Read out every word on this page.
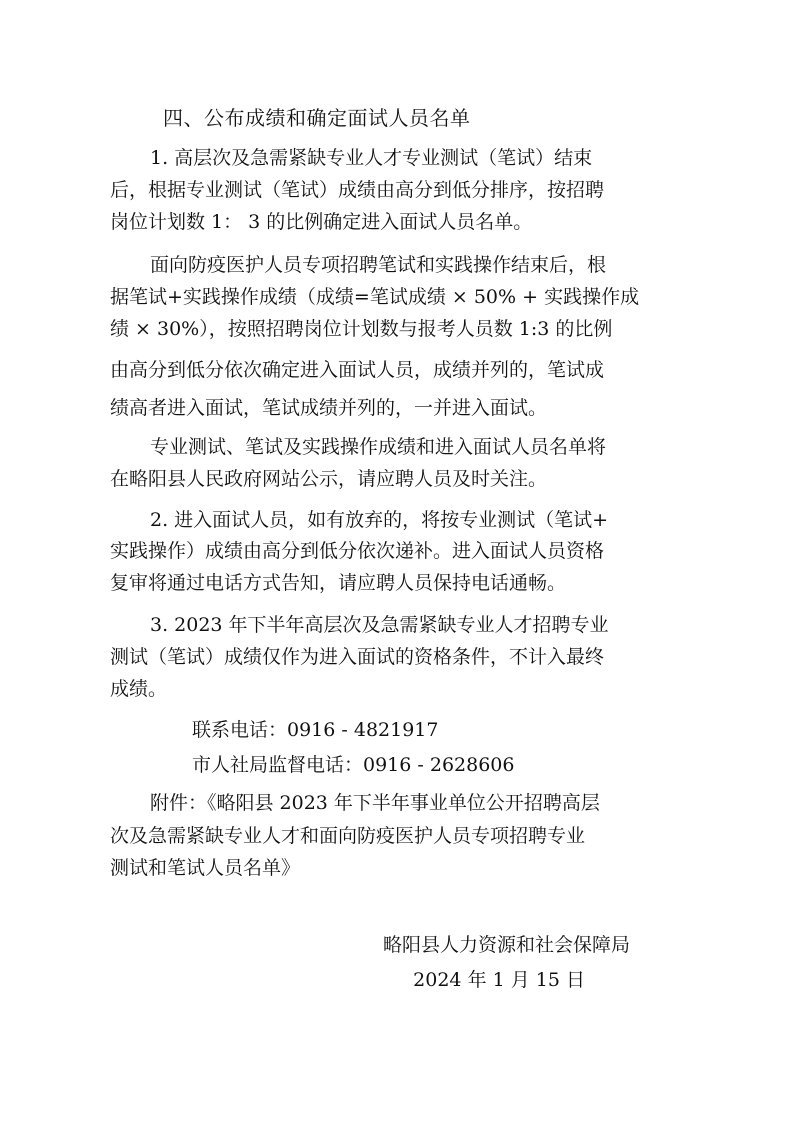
四、公布成绩和确定面试人员名单
1. 高层次及急需紧缺专业人才专业测试（笔试）结束
后，根据专业测试（笔试）成绩由高分到低分排序，按招聘
岗位计划数 1： 3 的比例确定进入面试人员名单。
面向防疫医护人员专项招聘笔试和实践操作结束后，根
据笔试+实践操作成绩（成绩=笔试成绩 × 50% + 实践操作成
绩 × 30%），按照招聘岗位计划数与报考人员数 1:3 的比例
由高分到低分依次确定进入面试人员，成绩并列的，笔试成
绩高者进入面试，笔试成绩并列的，一并进入面试。
专业测试、笔试及实践操作成绩和进入面试人员名单将
在略阳县人民政府网站公示，请应聘人员及时关注。
2. 进入面试人员，如有放弃的，将按专业测试（笔试+
实践操作）成绩由高分到低分依次递补。进入面试人员资格
复审将通过电话方式告知，请应聘人员保持电话通畅。
3. 2023 年下半年高层次及急需紧缺专业人才招聘专业
测试（笔试）成绩仅作为进入面试的资格条件，不计入最终
成绩。
联系电话：0916 - 4821917
市人社局监督电话：0916 - 2628606
附件：《略阳县 2023 年下半年事业单位公开招聘高层
次及急需紧缺专业人才和面向防疫医护人员专项招聘专业
测试和笔试人员名单》
略阳县人力资源和社会保障局
2024 年 1 月 15 日
